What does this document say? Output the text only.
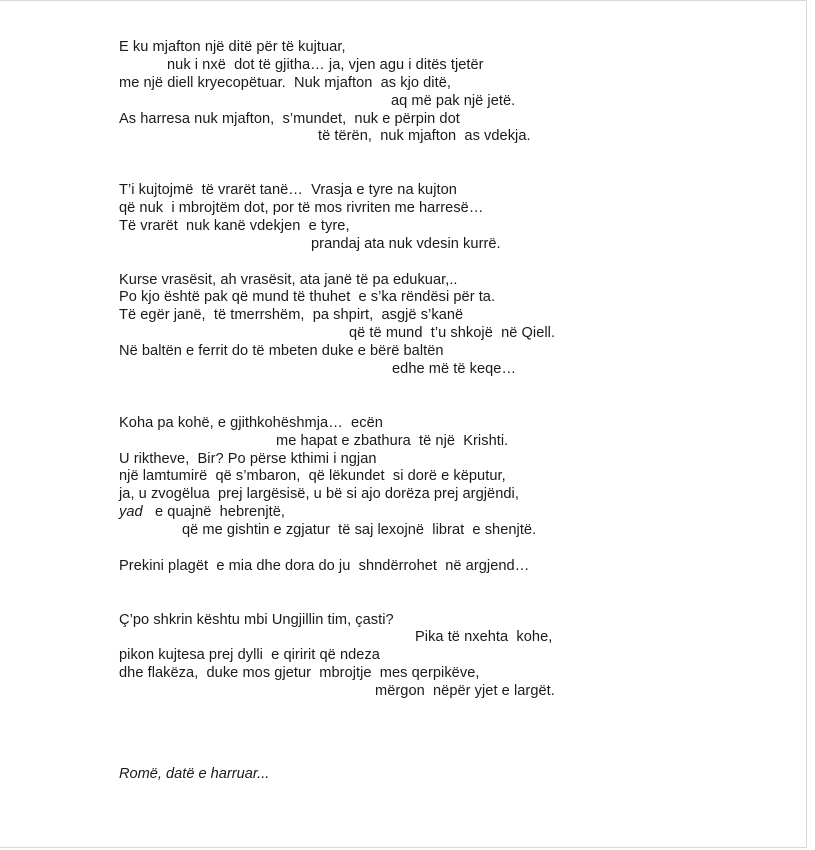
E ku mjafton një ditë për të kujtuar,
nuk i nxë  dot të gjitha… ja, vjen agu i ditës tjetër
me një diell kryecopëtuar.  Nuk mjafton  as kjo ditë,
aq më pak një jetë.
As harresa nuk mjafton,  s’mundet,  nuk e përpin dot
të tërën,  nuk mjafton  as vdekja.
T’i kujtojmë  të vrarët tanë…  Vrasja e tyre na kujton
që nuk  i mbrojtëm dot, por të mos rivriten me harresë…
Të vrarët  nuk kanë vdekjen  e tyre,
prandaj ata nuk vdesin kurrë.
Kurse vrasësit, ah vrasësit, ata janë të pa edukuar,..
Po kjo është pak që mund të thuhet  e s’ka rëndësi për ta.
Të egër janë,  të tmerrshëm,  pa shpirt,  asgjë s’kanë
që të mund  t’u shkojë  në Qiell.
Në baltën e ferrit do të mbeten duke e bërë baltën
edhe më të keqe…
Koha pa kohë, e gjithkohëshmja…  ecën
me hapat e zbathura  të një  Krishti.
U riktheve,  Bir? Po përse kthimi i ngjan
një lamtumirë  që s’mbaron,  që lëkundet  si dorë e këputur,
ja, u zvogëlua  prej largësisë, u bë si ajo dorëza prej argjëndi,
yad e quajnë  hebrenjtë,
që me gishtin e zgjatur  të saj lexojnë  librat  e shenjtë.
Prekini plagët  e mia dhe dora do ju  shndërrohet  në argjend…
Ç’po shkrin kështu mbi Ungjillin tim, çasti?
Pika të nxehta  kohe,
pikon kujtesa prej dylli  e qiririt që ndeza
dhe flakëza,  duke mos gjetur  mbrojtje  mes qerpikëve,
mërgon  nëpër yjet e largët.
Romë, datë e harruar...
